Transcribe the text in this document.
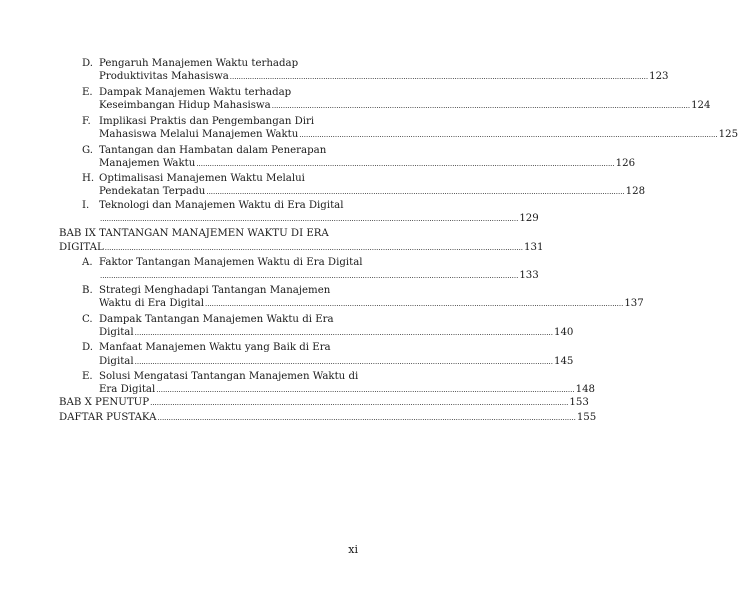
D. Pengaruh Manajemen Waktu terhadap
Produktivitas Mahasiswa ............................................................................................................................................................................................ 123
E. Dampak Manajemen Waktu terhadap
Keseimbangan Hidup Mahasiswa ............................................................................................................................................................................................ 124
F. Implikasi Praktis dan Pengembangan Diri
Mahasiswa Melalui Manajemen Waktu ............................................................................................................................................................................................ 125
G. Tantangan dan Hambatan dalam Penerapan
Manajemen Waktu ............................................................................................................................................................................................ 126
H. Optimalisasi Manajemen Waktu Melalui
Pendekatan Terpadu ............................................................................................................................................................................................ 128
I. Teknologi dan Manajemen Waktu di Era Digital
............................................................................................................................................................................................ 129
BAB IX TANTANGAN MANAJEMEN WAKTU DI ERA
DIGITAL ............................................................................................................................................................................................ 131
A. Faktor Tantangan Manajemen Waktu di Era Digital
............................................................................................................................................................................................ 133
B. Strategi Menghadapi Tantangan Manajemen
Waktu di Era Digital ............................................................................................................................................................................................ 137
C. Dampak Tantangan Manajemen Waktu di Era
Digital ............................................................................................................................................................................................ 140
D. Manfaat Manajemen Waktu yang Baik di Era
Digital ............................................................................................................................................................................................ 145
E. Solusi Mengatasi Tantangan Manajemen Waktu di
Era Digital ............................................................................................................................................................................................ 148
BAB X PENUTUP ............................................................................................................................................................................................ 153
DAFTAR PUSTAKA ............................................................................................................................................................................................ 155
xi
